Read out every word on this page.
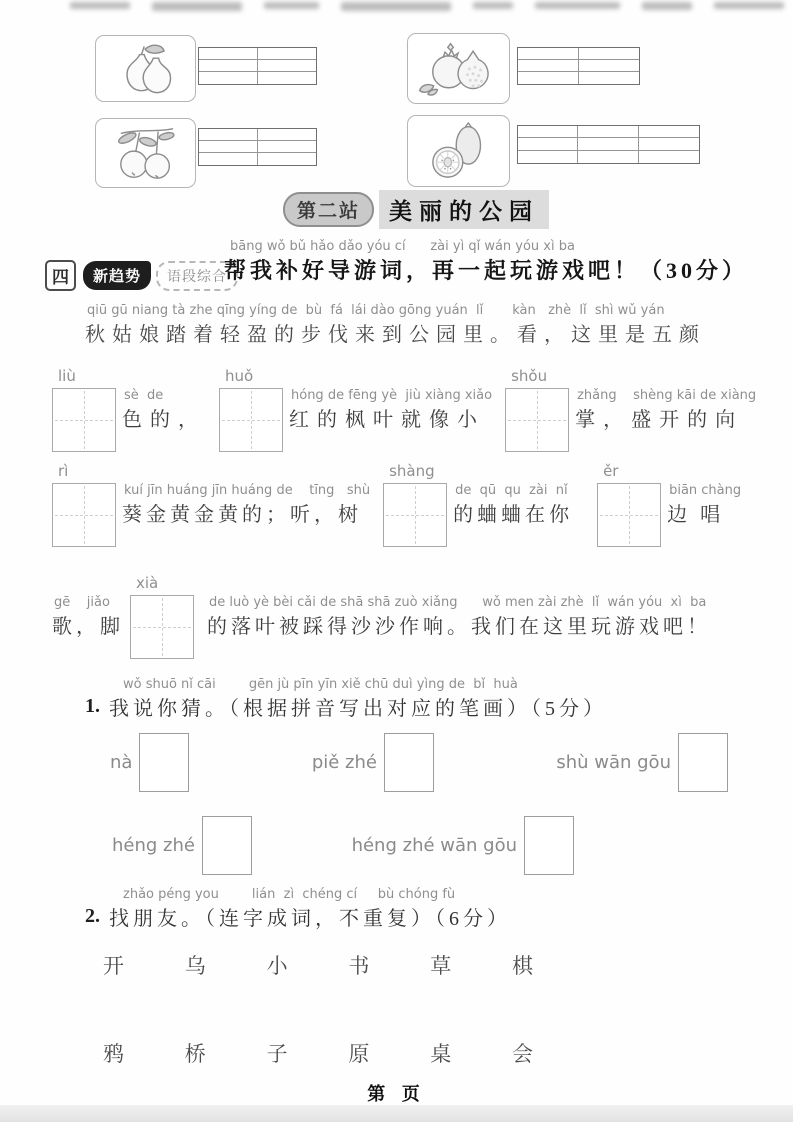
第二站	美丽的公园
四	新趋势	语段综合
bāng wǒ bǔ hǎo dǎo yóu cí      zài yì qǐ wán yóu xì ba
帮我补好导游词，再一起玩游戏吧！（30分）
qiū gū niang tà zhe qīng yíng de  bù  fá  lái dào gōng yuán  lǐ       kàn   zhè  lǐ  shì wǔ yán
秋姑娘踏着轻盈的步伐来到公园里。看，这里是五颜
liù
sè  de
色的，
huǒ
hóng de fēng yè  jiù xiàng xiǎo
红的枫叶就像小
shǒu
zhǎng    shèng kāi de xiàng
掌，盛开的向
rì
kuí jīn huáng jīn huáng de    tīng   shù
葵金黄金黄的；听，树
shàng
de  qū  qu  zài  nǐ
的蛐蛐在你
ěr
biān chàng
边 唱
gē    jiǎo
歌，脚
xià
de luò yè bèi cǎi de shā shā zuò xiǎng      wǒ men zài zhè  lǐ  wán yóu  xì  ba
的落叶被踩得沙沙作响。我们在这里玩游戏吧！
1.
wǒ shuō nǐ cāi        gēn jù pīn yīn xiě chū duì yìng de  bǐ  huà
我说你猜。（根据拼音写出对应的笔画）（5分）
nà	piě zhé	shù wān gōu
héng zhé	héng zhé wān gōu
2.
zhǎo péng you        lián  zì  chéng cí     bù chóng fù
找朋友。（连字成词，不重复）（6分）
开	乌	小	书	草	棋
鸦	桥	子	原	桌	会
第 页
